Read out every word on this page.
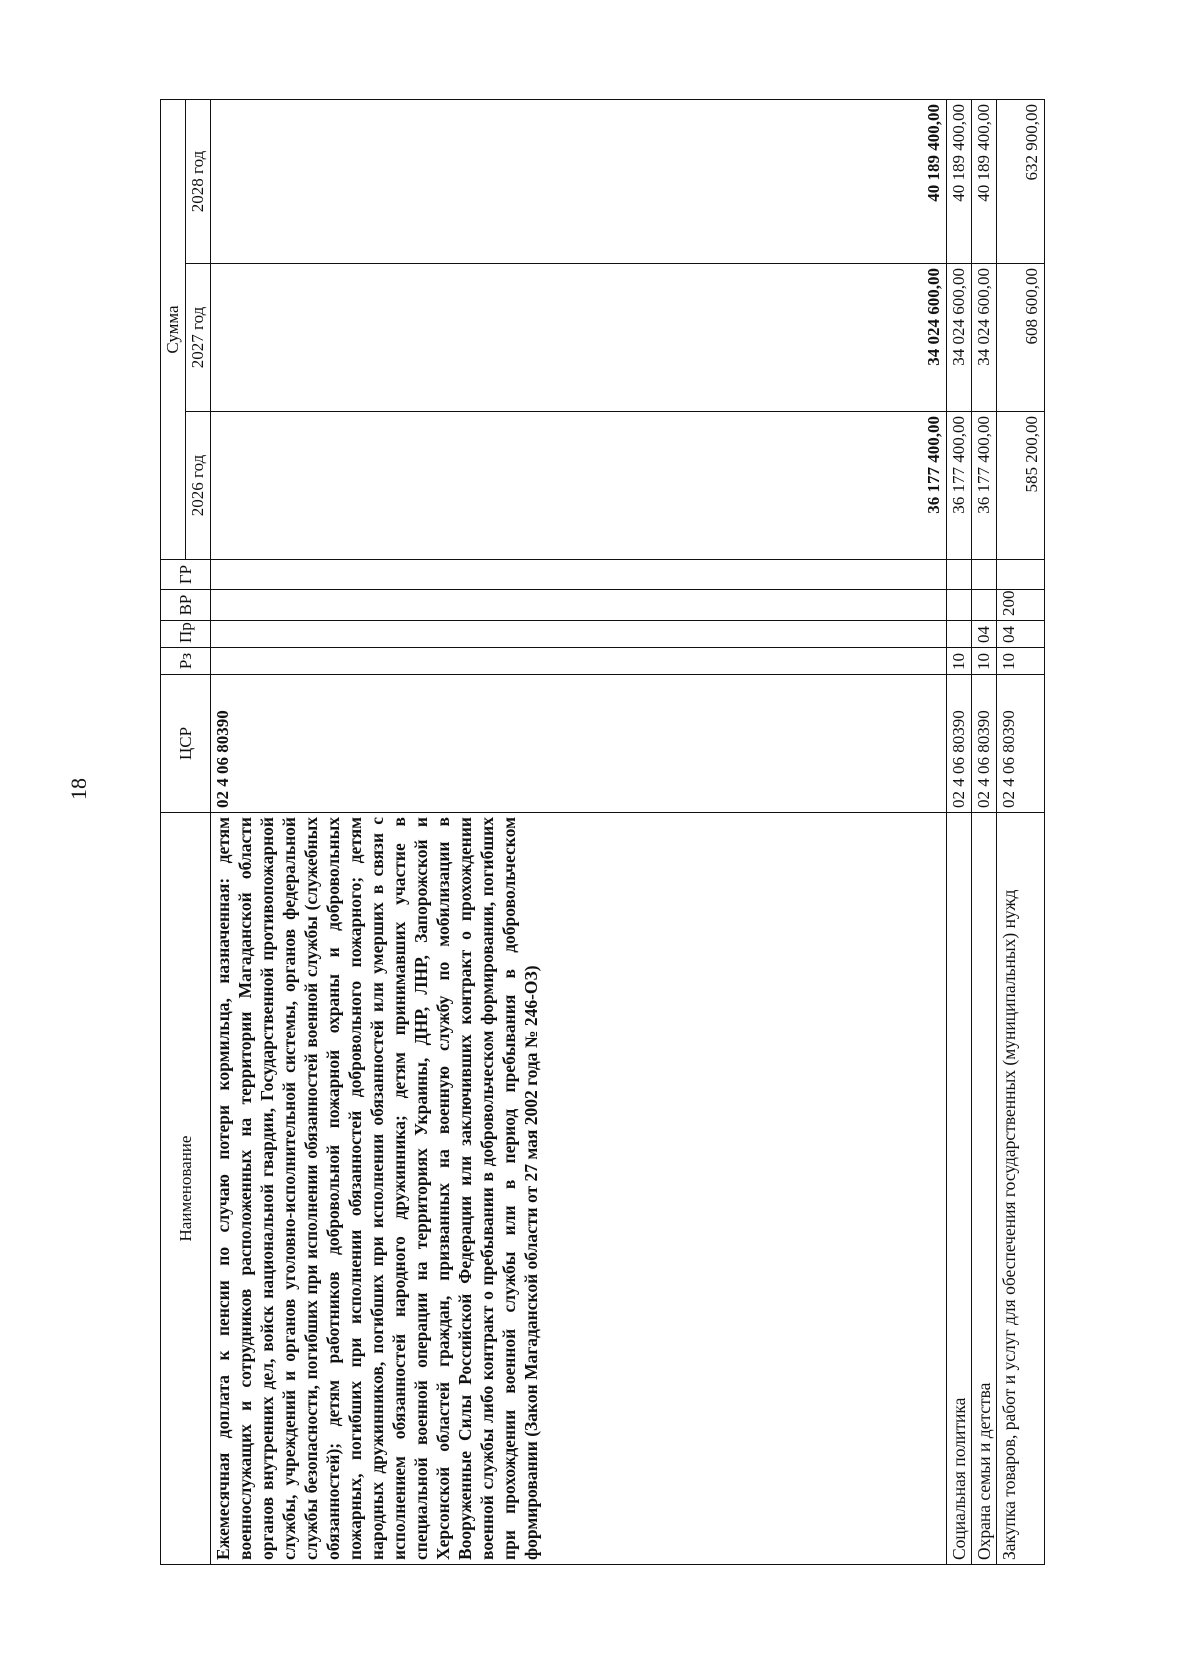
18
Наименование	ЦСР	Рз	Пр	ВР	ГР	Сумма		
						2026 год	2027 год	2028 год
Ежемесячная доплата к пенсии по случаю потери кормильца, назначенная: детям военнослужащих и сотрудников расположенных на территории Магаданской области органов внутренних дел, войск национальной гвардии, Государственной противопожарной службы, учреждений и органов уголовно-исполнительной системы, органов федеральной службы безопасности, погибших при исполнении обязанностей военной службы (служебных обязанностей); детям работников добровольной пожарной охраны и добровольных пожарных, погибших при исполнении обязанностей добровольного пожарного; детям народных дружинников, погибших при исполнении обязанностей или умерших в связи с исполнением обязанностей народного дружинника; детям принимавших участие в специальной военной операции на территориях Украины, ДНР, ЛНР, Запорожской и Херсонской областей граждан, призванных на военную службу по мобилизации в Вооруженные Силы Российской Федерации или заключивших контракт о прохождении военной службы либо контракт о пребывании в добровольческом формировании, погибших при прохождении военной службы или в период пребывания в добровольческом формировании (Закон Магаданской области от 27 мая 2002 года № 246-ОЗ)	02 4 06 80390					36 177 400,00	34 024 600,00	40 189 400,00
Социальная политика	02 4 06 80390	10				36 177 400,00	34 024 600,00	40 189 400,00
Охрана семьи и детства	02 4 06 80390	10	04			36 177 400,00	34 024 600,00	40 189 400,00
Закупка товаров, работ и услуг для обеспечения государственных (муниципальных) нужд	02 4 06 80390	10	04	200		585 200,00	608 600,00	632 900,00
